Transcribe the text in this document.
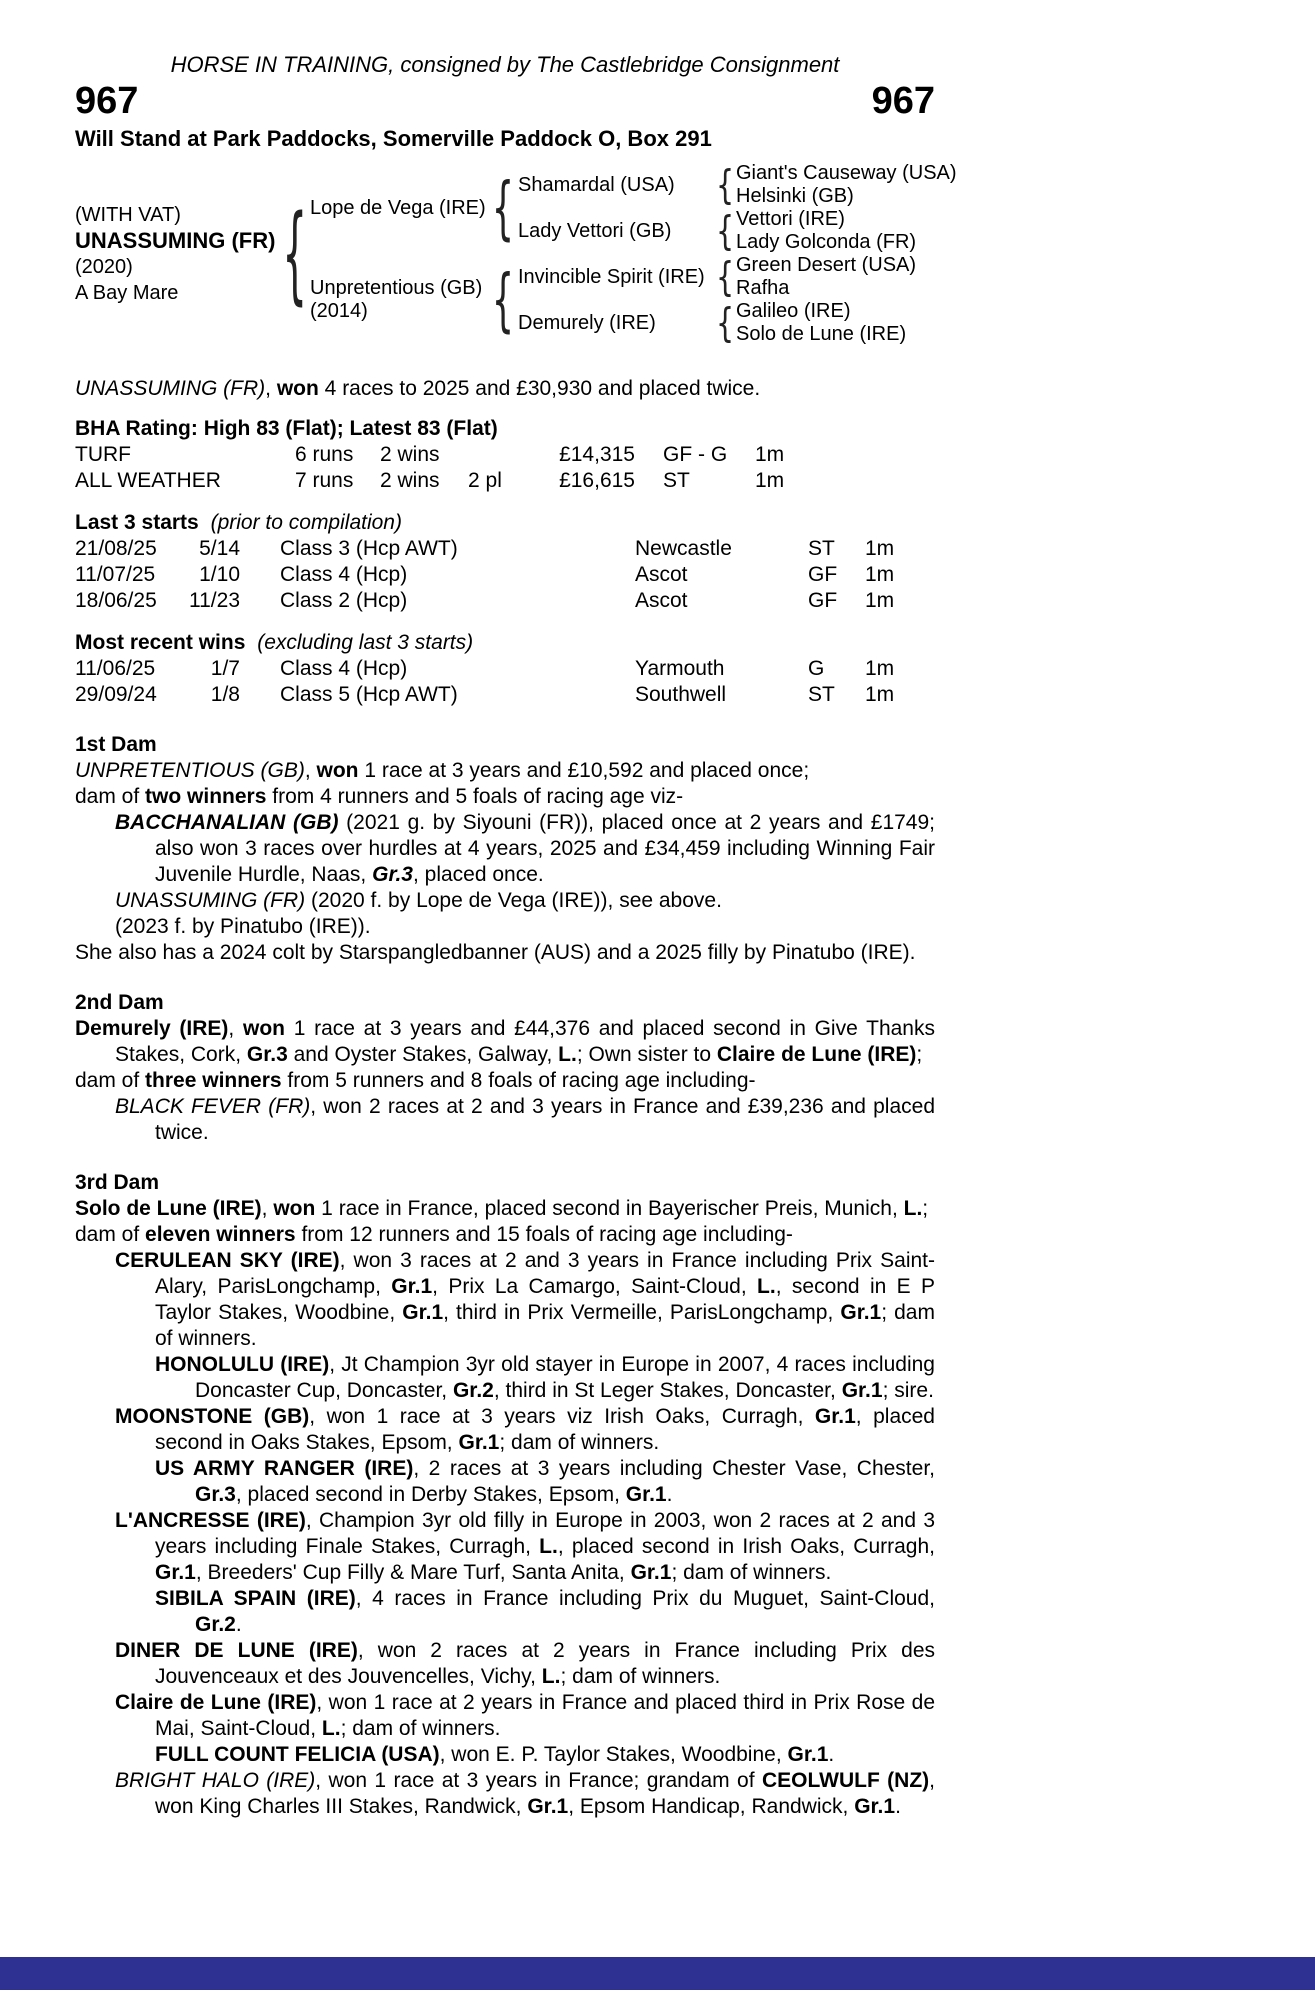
HORSE IN TRAINING, consigned by The Castlebridge Consignment
967	967
Will Stand at Park Paddocks, Somerville Paddock O, Box 291
(WITH VAT)
UNASSUMING (FR)
(2020)
A Bay Mare
{
Lope de Vega (IRE)
Unpretentious (GB)
(2014)
{
{
Shamardal (USA)
Lady Vettori (GB)
Invincible Spirit (IRE)
Demurely (IRE)
{
{
{
{
Giant's Causeway (USA)
Helsinki (GB)
Vettori (IRE)
Lady Golconda (FR)
Green Desert (USA)
Rafha
Galileo (IRE)
Solo de Lune (IRE)

UNASSUMING (FR), won 4 races to 2025 and £30,930 and placed twice.

BHA Rating: High 83 (Flat); Latest 83 (Flat)
TURF	6 runs	2 wins	£14,315	GF - G	1m
ALL WEATHER	7 runs	2 wins	2 pl	£16,615	ST	1m
Last 3 starts (prior to compilation)
21/08/25	5/14	Class 3 (Hcp AWT)	Newcastle	ST	1m
11/07/25	1/10	Class 4 (Hcp)	Ascot	GF	1m
18/06/25	11/23	Class 2 (Hcp)	Ascot	GF	1m
Most recent wins (excluding last 3 starts)
11/06/25	1/7	Class 4 (Hcp)	Yarmouth	G	1m
29/09/24	1/8	Class 5 (Hcp AWT)	Southwell	ST	1m
1st Dam

UNPRETENTIOUS (GB), won 1 race at 3 years and £10,592 and placed once;

dam of two winners from 4 runners and 5 foals of racing age viz-

BACCHANALIAN (GB) (2021 g. by Siyouni (FR)), placed once at 2 years and £1749; also won 3 races over hurdles at 4 years, 2025 and £34,459 including Winning Fair Juvenile Hurdle, Naas, Gr.3, placed once.

UNASSUMING (FR) (2020 f. by Lope de Vega (IRE)), see above.

(2023 f. by Pinatubo (IRE)).

She also has a 2024 colt by Starspangledbanner (AUS) and a 2025 filly by Pinatubo (IRE).

2nd Dam

Demurely (IRE), won 1 race at 3 years and £44,376 and placed second in Give Thanks Stakes, Cork, Gr.3 and Oyster Stakes, Galway, L.; Own sister to Claire de Lune (IRE);

dam of three winners from 5 runners and 8 foals of racing age including-

BLACK FEVER (FR), won 2 races at 2 and 3 years in France and £39,236 and placed twice.

3rd Dam

Solo de Lune (IRE), won 1 race in France, placed second in Bayerischer Preis, Munich, L.;

dam of eleven winners from 12 runners and 15 foals of racing age including-

CERULEAN SKY (IRE), won 3 races at 2 and 3 years in France including Prix Saint-Alary, ParisLongchamp, Gr.1, Prix La Camargo, Saint-Cloud, L., second in E P Taylor Stakes, Woodbine, Gr.1, third in Prix Vermeille, ParisLongchamp, Gr.1; dam of winners.

HONOLULU (IRE), Jt Champion 3yr old stayer in Europe in 2007, 4 races including Doncaster Cup, Doncaster, Gr.2, third in St Leger Stakes, Doncaster, Gr.1; sire.

MOONSTONE (GB), won 1 race at 3 years viz Irish Oaks, Curragh, Gr.1, placed second in Oaks Stakes, Epsom, Gr.1; dam of winners.

US ARMY RANGER (IRE), 2 races at 3 years including Chester Vase, Chester, Gr.3, placed second in Derby Stakes, Epsom, Gr.1.

L'ANCRESSE (IRE), Champion 3yr old filly in Europe in 2003, won 2 races at 2 and 3 years including Finale Stakes, Curragh, L., placed second in Irish Oaks, Curragh, Gr.1, Breeders' Cup Filly & Mare Turf, Santa Anita, Gr.1; dam of winners.

SIBILA SPAIN (IRE), 4 races in France including Prix du Muguet, Saint-Cloud, Gr.2.

DINER DE LUNE (IRE), won 2 races at 2 years in France including Prix des Jouvenceaux et des Jouvencelles, Vichy, L.; dam of winners.

Claire de Lune (IRE), won 1 race at 2 years in France and placed third in Prix Rose de Mai, Saint-Cloud, L.; dam of winners.

FULL COUNT FELICIA (USA), won E. P. Taylor Stakes, Woodbine, Gr.1.

BRIGHT HALO (IRE), won 1 race at 3 years in France; grandam of CEOLWULF (NZ), won King Charles III Stakes, Randwick, Gr.1, Epsom Handicap, Randwick, Gr.1.
